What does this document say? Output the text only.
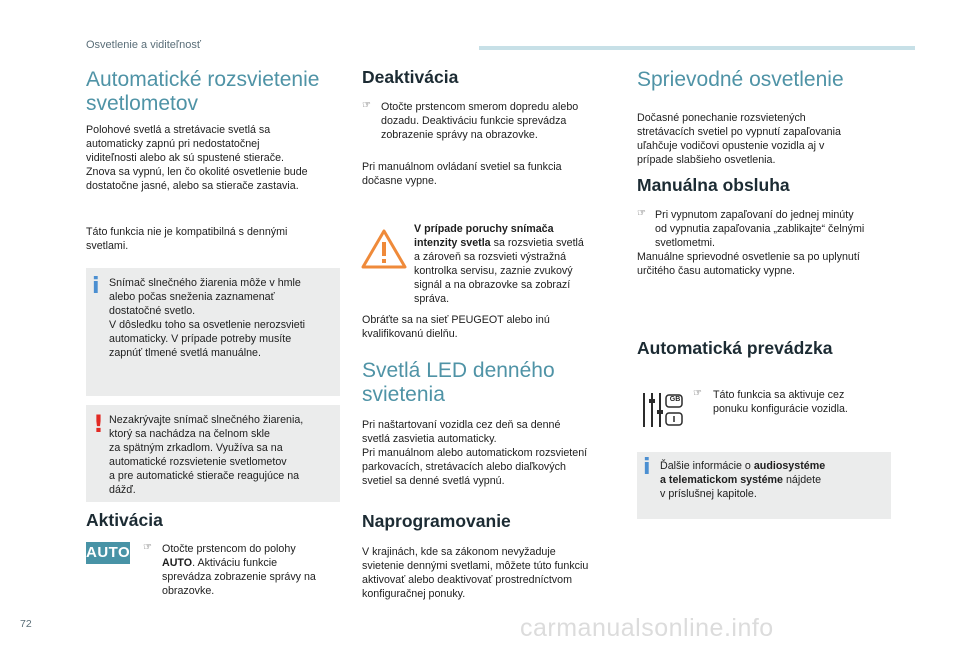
Osvetlenie a viditeľnosť
Automatické rozsvietenie
svetlometov

Polohové svetlá a stretávacie svetlá sa

automaticky zapnú pri nedostatočnej

viditeľnosti alebo ak sú spustené stierače.

Znova sa vypnú, len čo okolité osvetlenie bude

dostatočne jasné, alebo sa stierače zastavia.

Táto funkcia nie je kompatibilná s dennými

svetlami.

i Snímač slnečného žiarenia môže v hmle

alebo počas sneženia zaznamenať

dostatočné svetlo.

V dôsledku toho sa osvetlenie nerozsvieti

automaticky. V prípade potreby musíte

zapnúť tlmené svetlá manuálne.

! Nezakrývajte snímač slnečného žiarenia,

ktorý sa nachádza na čelnom skle

za spätným zrkadlom. Využíva sa na

automatické rozsvietenie svetlometov

a pre automatické stierače reagujúce na

dážď.

Aktivácia
AUTO ☞ Otočte prstencom do polohy

AUTO. Aktiváciu funkcie

sprevádza zobrazenie správy na

obrazovke.

Deaktivácia
☞ Otočte prstencom smerom dopredu alebo

dozadu. Deaktiváciu funkcie sprevádza

zobrazenie správy na obrazovke.

Pri manuálnom ovládaní svetiel sa funkcia

dočasne vypne.

V prípade poruchy snímača

intenzity svetla sa rozsvietia svetlá

a zároveň sa rozsvieti výstražná

kontrolka servisu, zaznie zvukový

signál a na obrazovke sa zobrazí

správa.

Obráťte sa na sieť PEUGEOT alebo inú

kvalifikovanú dielňu.

Svetlá LED denného
svietenia

Pri naštartovaní vozidla cez deň sa denné

svetlá zasvietia automaticky.

Pri manuálnom alebo automatickom rozsvietení

parkovacích, stretávacích alebo diaľkových

svetiel sa denné svetlá vypnú.

Naprogramovanie

V krajinách, kde sa zákonom nevyžaduje

svietenie dennými svetlami, môžete túto funkciu

aktivovať alebo deaktivovať prostredníctvom

konfiguračnej ponuky.

Sprievodné osvetlenie

Dočasné ponechanie rozsvietených

stretávacích svetiel po vypnutí zapaľovania

uľahčuje vodičovi opustenie vozidla aj v

prípade slabšieho osvetlenia.

Manuálna obsluha
☞ Pri vypnutom zapaľovaní do jednej minúty

od vypnutia zapaľovania „zablikajte“ čelnými

svetlometmi.

Manuálne sprievodné osvetlenie sa po uplynutí

určitého času automaticky vypne.

Automatická prevádzka
GB
☞ Táto funkcia sa aktivuje cez

ponuku konfigurácie vozidla.

i Ďalšie informácie o audiosystéme

a telematickom systéme nájdete

v príslušnej kapitole.

72	carmanualsonline.info
